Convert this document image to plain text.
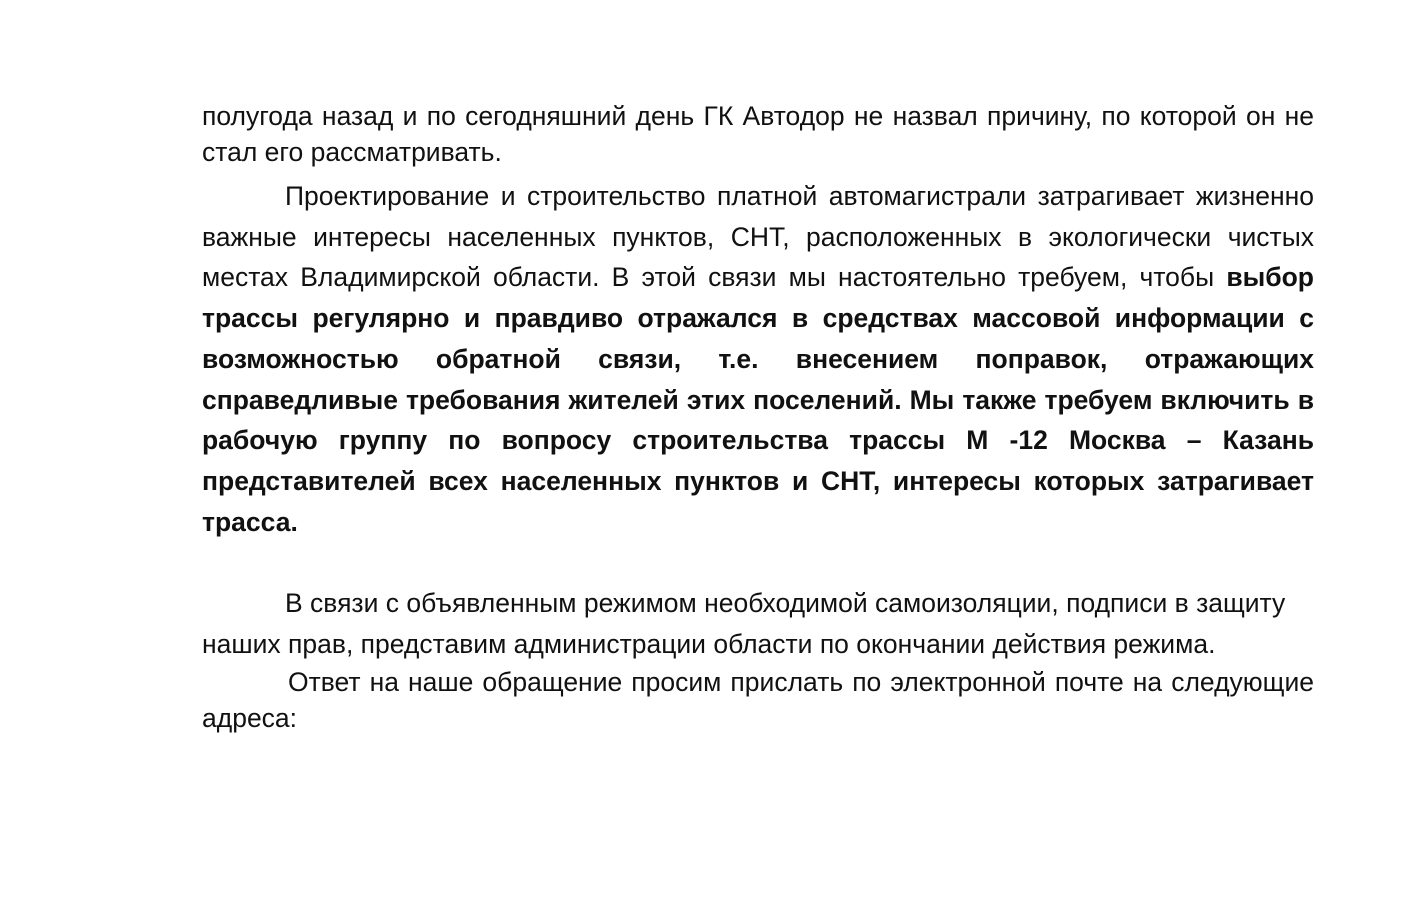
полугода назад и по сегодняшний день ГК Автодор не назвал причину, по которой он не стал его рассматривать.

Проектирование и строительство платной автомагистрали затрагивает жизненно важные интересы населенных пунктов, СНТ, расположенных в экологически чистых местах Владимирской области. В этой связи мы настоятельно требуем, чтобы выбор трассы регулярно и правдиво отражался в средствах массовой информации с возможностью обратной связи, т.е. внесением поправок, отражающих справедливые требования жителей этих поселений. Мы также требуем включить в рабочую группу по вопросу строительства трассы М -12 Москва – Казань представителей всех населенных пунктов и СНТ, интересы которых затрагивает трасса.

В связи с объявленным режимом необходимой самоизоляции, подписи в защиту наших прав, представим администрации области по окончании действия режима.

Ответ на наше обращение просим прислать по электронной почте на следующие адреса:
